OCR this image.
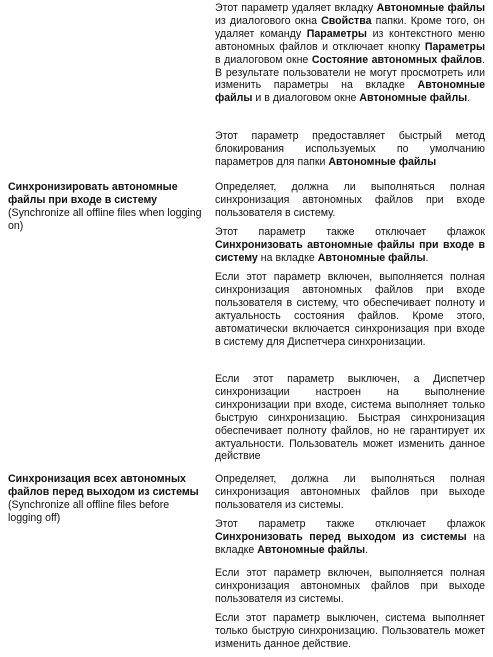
Синхронизировать автономные файлы при входе в систему
(Synchronize all offline files when logging on)
Синхронизация всех автономных файлов перед выходом из системы
(Synchronize all offline files before logging off)

Этот параметр удаляет вкладку Автономные файлы из диалогового окна Свойства папки. Кроме того, он удаляет команду Параметры из контекстного меню автономных файлов и отключает кнопку Параметры в диалоговом окне Состояние автономных файлов. В результате пользователи не могут просмотреть или изменить параметры на вкладке Автономные файлы и в диалоговом окне Автономные файлы.

Этот параметр предоставляет быстрый метод блокирования используемых по умолчанию параметров для папки Автономные файлы

Определяет, должна ли выполняться полная синхронизация автономных файлов при входе пользователя в систему.

Этот параметр также отключает флажок Синхронизовать автономные файлы при входе в систему на вкладке Автономные файлы.

Если этот параметр включен, выполняется полная синхронизация автономных файлов при входе пользователя в систему, что обеспечивает полноту и актуальность состояния файлов. Кроме этого, автоматически включается синхронизация при входе в систему для Диспетчера синхронизации.

Если этот параметр выключен, а Диспетчер синхронизации настроен на выполнение синхронизации при входе, система выполняет только быструю синхронизацию. Быстрая синхронизация обеспечивает полноту файлов, но не гарантирует их актуальности. Пользователь может изменить данное действие

Определяет, должна ли выполняться полная синхронизация автономных файлов при выходе пользователя из системы.

Этот параметр также отключает флажок Синхронизовать перед выходом из системы на вкладке Автономные файлы.

Если этот параметр включен, выполняется полная синхронизация автономных файлов при выходе пользователя из системы.

Если этот параметр выключен, система выполняет только быструю синхронизацию. Пользователь может изменить данное действие.
